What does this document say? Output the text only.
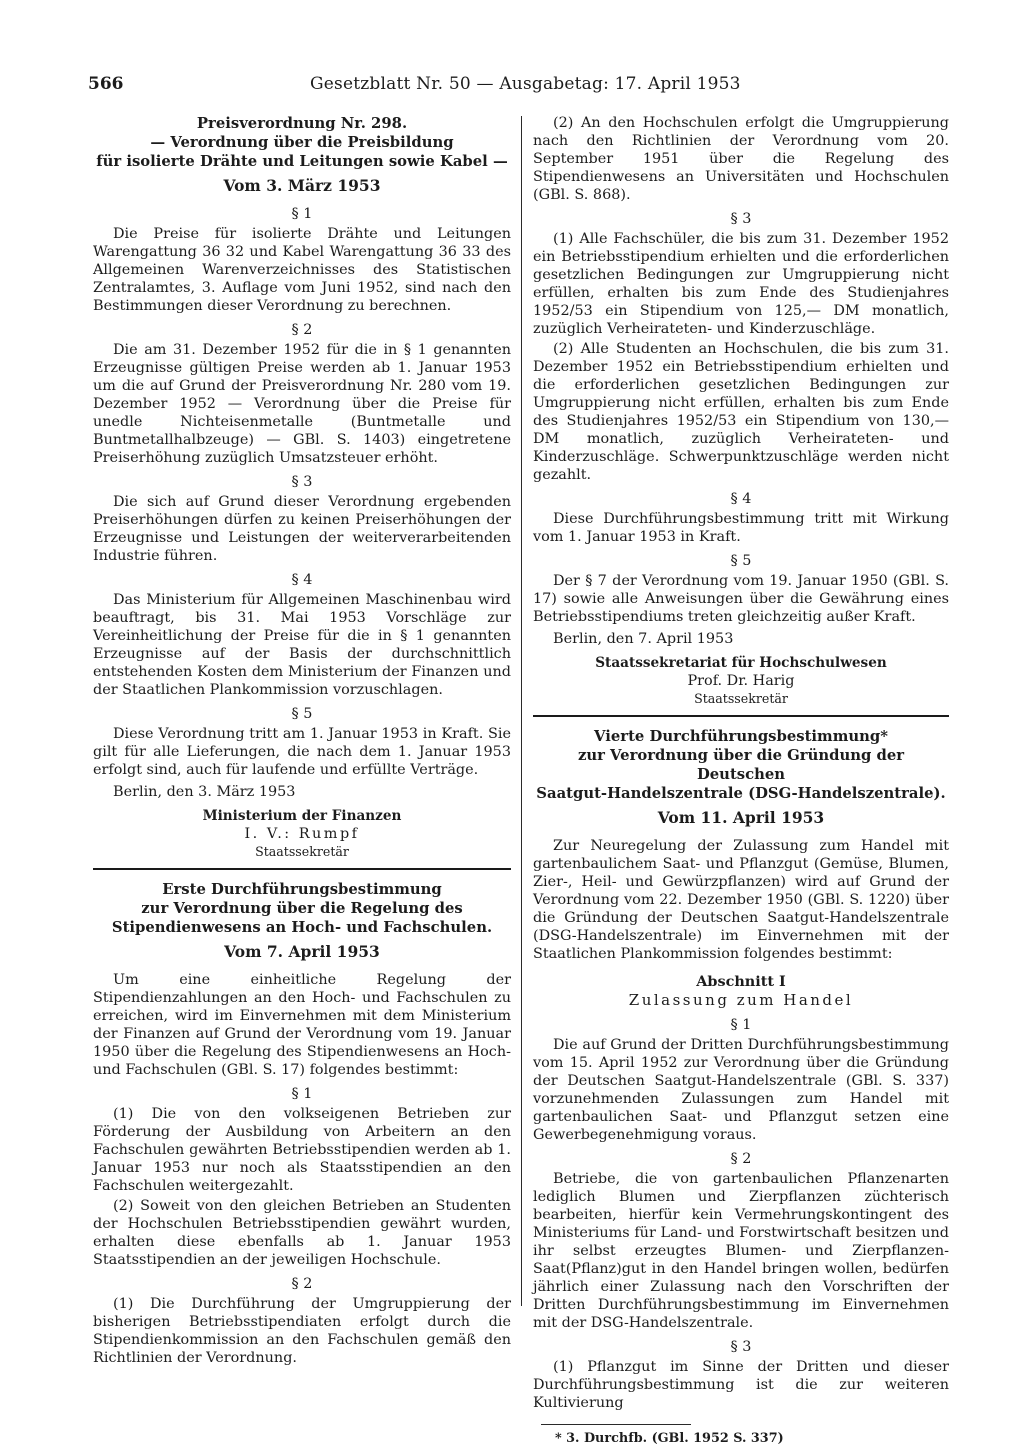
566	Gesetzblatt Nr. 50 — Ausgabetag: 17. April 1953
Preisverordnung Nr. 298.
— Verordnung über die Preisbildung
für isolierte Drähte und Leitungen sowie Kabel —
Vom 3. März 1953
§ 1

Die Preise für isolierte Drähte und Leitungen Warengattung 36 32 und Kabel Warengattung 36 33 des Allgemeinen Warenverzeichnisses des Statistischen Zentralamtes, 3. Auflage vom Juni 1952, sind nach den Bestimmungen dieser Verordnung zu berechnen.

§ 2

Die am 31. Dezember 1952 für die in § 1 genannten Erzeugnisse gültigen Preise werden ab 1. Januar 1953 um die auf Grund der Preisverordnung Nr. 280 vom 19. Dezember 1952 — Verordnung über die Preise für unedle Nichteisenmetalle (Buntmetalle und Buntmetallhalbzeuge) — GBl. S. 1403) eingetretene Preiserhöhung zuzüglich Umsatzsteuer erhöht.

§ 3

Die sich auf Grund dieser Verordnung ergebenden Preiserhöhungen dürfen zu keinen Preiserhöhungen der Erzeugnisse und Leistungen der weiterverarbeitenden Industrie führen.

§ 4

Das Ministerium für Allgemeinen Maschinenbau wird beauftragt, bis 31. Mai 1953 Vorschläge zur Vereinheitlichung der Preise für die in § 1 genannten Erzeugnisse auf der Basis der durchschnittlich entstehenden Kosten dem Ministerium der Finanzen und der Staatlichen Plankommission vorzuschlagen.

§ 5

Diese Verordnung tritt am 1. Januar 1953 in Kraft. Sie gilt für alle Lieferungen, die nach dem 1. Januar 1953 erfolgt sind, auch für laufende und erfüllte Verträge.

Berlin, den 3. März 1953

Ministerium der Finanzen
I. V.: Rumpf
Staatssekretär
Erste Durchführungsbestimmung
zur Verordnung über die Regelung des
Stipendienwesens an Hoch- und Fachschulen.
Vom 7. April 1953

Um eine einheitliche Regelung der Stipendienzahlungen an den Hoch- und Fachschulen zu erreichen, wird im Einvernehmen mit dem Ministerium der Finanzen auf Grund der Verordnung vom 19. Januar 1950 über die Regelung des Stipendienwesens an Hoch- und Fachschulen (GBl. S. 17) folgendes bestimmt:

§ 1

(1) Die von den volkseigenen Betrieben zur Förderung der Ausbildung von Arbeitern an den Fachschulen gewährten Betriebsstipendien werden ab 1. Januar 1953 nur noch als Staatsstipendien an den Fachschulen weitergezahlt.

(2) Soweit von den gleichen Betrieben an Studenten der Hochschulen Betriebsstipendien gewährt wurden, erhalten diese ebenfalls ab 1. Januar 1953 Staatsstipendien an der jeweiligen Hochschule.

§ 2

(1) Die Durchführung der Umgruppierung der bisherigen Betriebsstipendiaten erfolgt durch die Stipendienkommission an den Fachschulen gemäß den Richtlinien der Verordnung.

(2) An den Hochschulen erfolgt die Umgruppierung nach den Richtlinien der Verordnung vom 20. September 1951 über die Regelung des Stipendienwesens an Universitäten und Hochschulen (GBl. S. 868).

§ 3

(1) Alle Fachschüler, die bis zum 31. Dezember 1952 ein Betriebsstipendium erhielten und die erforderlichen gesetzlichen Bedingungen zur Umgruppierung nicht erfüllen, erhalten bis zum Ende des Studienjahres 1952/53 ein Stipendium von 125,— DM monatlich, zuzüglich Verheirateten- und Kinderzuschläge.

(2) Alle Studenten an Hochschulen, die bis zum 31. Dezember 1952 ein Betriebsstipendium erhielten und die erforderlichen gesetzlichen Bedingungen zur Umgruppierung nicht erfüllen, erhalten bis zum Ende des Studienjahres 1952/53 ein Stipendium von 130,— DM monatlich, zuzüglich Verheirateten- und Kinderzuschläge. Schwerpunktzuschläge werden nicht gezahlt.

§ 4

Diese Durchführungsbestimmung tritt mit Wirkung vom 1. Januar 1953 in Kraft.

§ 5

Der § 7 der Verordnung vom 19. Januar 1950 (GBl. S. 17) sowie alle Anweisungen über die Gewährung eines Betriebsstipendiums treten gleichzeitig außer Kraft.

Berlin, den 7. April 1953

Staatssekretariat für Hochschulwesen
Prof. Dr. Harig
Staatssekretär
Vierte Durchführungsbestimmung*
zur Verordnung über die Gründung der Deutschen
Saatgut-Handelszentrale (DSG-Handelszentrale).
Vom 11. April 1953

Zur Neuregelung der Zulassung zum Handel mit gartenbaulichem Saat- und Pflanzgut (Gemüse, Blumen, Zier-, Heil- und Gewürzpflanzen) wird auf Grund der Verordnung vom 22. Dezember 1950 (GBl. S. 1220) über die Gründung der Deutschen Saatgut-Handelszentrale (DSG-Handelszentrale) im Einvernehmen mit der Staatlichen Plankommission folgendes bestimmt:

Abschnitt I
Zulassung zum Handel
§ 1

Die auf Grund der Dritten Durchführungsbestimmung vom 15. April 1952 zur Verordnung über die Gründung der Deutschen Saatgut-Handelszentrale (GBl. S. 337) vorzunehmenden Zulassungen zum Handel mit gartenbaulichen Saat- und Pflanzgut setzen eine Gewerbegenehmigung voraus.

§ 2

Betriebe, die von gartenbaulichen Pflanzenarten lediglich Blumen und Zierpflanzen züchterisch bearbeiten, hierfür kein Vermehrungskontingent des Ministeriums für Land- und Forstwirtschaft besitzen und ihr selbst erzeugtes Blumen- und Zierpflanzen-Saat(Pflanz)gut in den Handel bringen wollen, bedürfen jährlich einer Zulassung nach den Vorschriften der Dritten Durchführungsbestimmung im Einvernehmen mit der DSG-Handelszentrale.

§ 3

(1) Pflanzgut im Sinne der Dritten und dieser Durchführungsbestimmung ist die zur weiteren Kultivierung

* 3. Durchfb. (GBl. 1952 S. 337)
